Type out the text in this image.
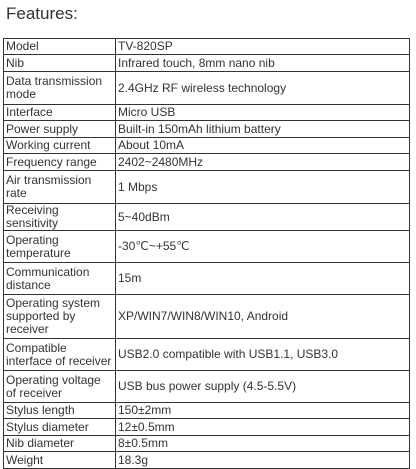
Features:
Model	TV-820SP
Nib	Infrared touch, 8mm nano nib
Data transmission mode	2.4GHz RF wireless technology
Interface	Micro USB
Power supply	Built-in 150mAh lithium battery
Working current	About 10mA
Frequency range	2402~2480MHz
Air transmission rate	1 Mbps
Receiving sensitivity	5~40dBm
Operating temperature	-30℃~+55℃
Communication distance	15m
Operating system supported by receiver	XP/WIN7/WIN8/WIN10, Android
Compatible interface of receiver	USB2.0 compatible with USB1.1, USB3.0
Operating voltage of receiver	USB bus power supply (4.5-5.5V)
Stylus length	150±2mm
Stylus diameter	12±0.5mm
Nib diameter	8±0.5mm
Weight	18.3g
